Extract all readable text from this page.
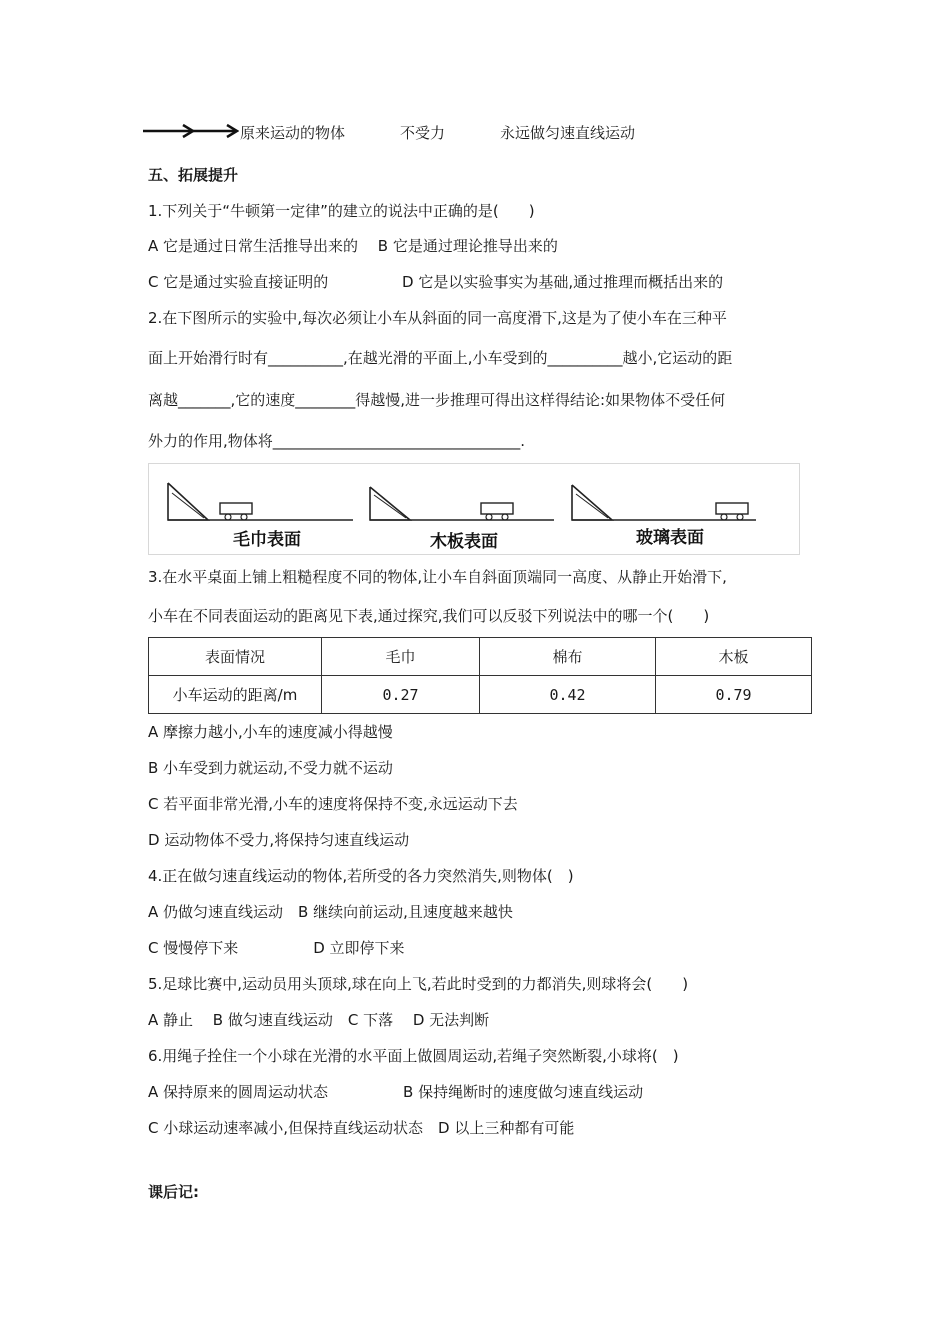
原来运动的物体	不受力	永远做匀速直线运动
五、拓展提升
1.下列关于“牛顿第一定律”的建立的说法中正确的是(　　)
A 它是通过日常生活推导出来的　 B 它是通过理论推导出来的
C 它是通过实验直接证明的	D 它是以实验事实为基础,通过推理而概括出来的
2.在下图所示的实验中,每次必须让小车从斜面的同一高度滑下,这是为了使小车在三种平
面上开始滑行时有__________,在越光滑的平面上,小车受到的__________越小,它运动的距
离越_______,它的速度________得越慢,进一步推理可得出这样得结论:如果物体不受任何
外力的作用,物体将_________________________________.
毛巾表面	木板表面	玻璃表面
3.在水平桌面上铺上粗糙程度不同的物体,让小车自斜面顶端同一高度、从静止开始滑下,
小车在不同表面运动的距离见下表,通过探究,我们可以反驳下列说法中的哪一个(　　)
表面情况	毛巾	棉布	木板
小车运动的距离/m	0.27	0.42	0.79
A 摩擦力越小,小车的速度减小得越慢
B 小车受到力就运动,不受力就不运动
C 若平面非常光滑,小车的速度将保持不变,永远运动下去
D 运动物体不受力,将保持匀速直线运动
4.正在做匀速直线运动的物体,若所受的各力突然消失,则物体(　)
A 仍做匀速直线运动　B 继续向前运动,且速度越来越快
C 慢慢停下来　　　　　D 立即停下来
5.足球比赛中,运动员用头顶球,球在向上飞,若此时受到的力都消失,则球将会(　　)
A 静止　 B 做匀速直线运动　C 下落　 D 无法判断
6.用绳子拴住一个小球在光滑的水平面上做圆周运动,若绳子突然断裂,小球将(　)
A 保持原来的圆周运动状态　　　　　B 保持绳断时的速度做匀速直线运动
C 小球运动速率减小,但保持直线运动状态　D 以上三种都有可能
课后记:
